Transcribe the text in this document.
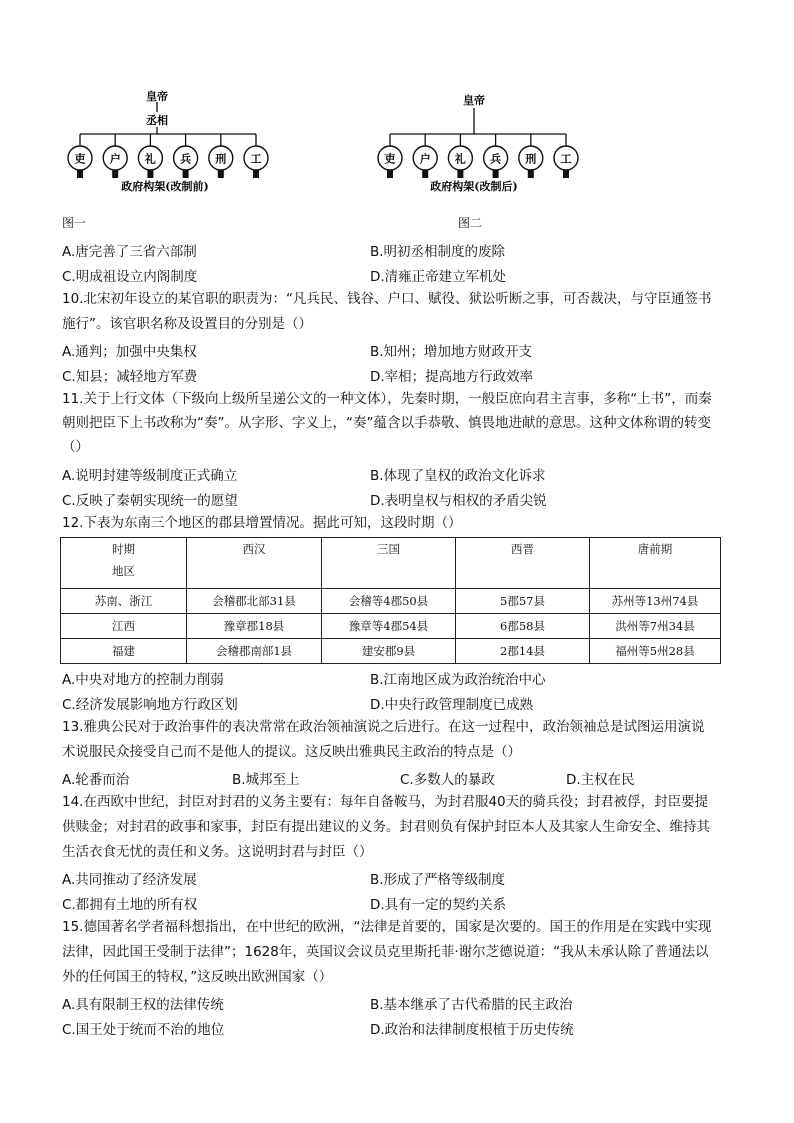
皇帝
丞相
吏 户 礼 兵 刑 工
政府构架(改制前)
图一
皇帝
吏 户 礼 兵 刑 工
政府构架(改制后)
图二
A.唐完善了三省六部制	B.明初丞相制度的废除
C.明成祖设立内阁制度	D.清雍正帝建立军机处
10.北宋初年设立的某官职的职责为：“凡兵民、钱谷、户口、赋役、狱讼听断之事，可否裁决，与守臣通签书
施行”。该官职名称及设置目的分别是（）
A.通判；加强中央集权	B.知州；增加地方财政开支
C.知县；减轻地方军费	D.宰相；提高地方行政效率
11.关于上行文体（下级向上级所呈递公文的一种文体），先秦时期，一般臣庶向君主言事，多称“上书”，而秦
朝则把臣下上书改称为“奏”。从字形、字义上，“奏”蕴含以手恭敬、慎畏地进献的意思。这种文体称谓的转变
（）
A.说明封建等级制度正式确立	B.体现了皇权的政治文化诉求
C.反映了秦朝实现统一的愿望	D.表明皇权与相权的矛盾尖锐
12.下表为东南三个地区的郡县增置情况。据此可知，这段时期（）
时期
地区	西汉	三国	西晋	唐前期

苏南、浙江	会稽郡北部31县	会稽等4郡50县	5郡57县	苏州等13州74县
江西	豫章郡18县	豫章等4郡54县	6郡58县	洪州等7州34县
福建	会稽郡南部1县	建安郡9县	2郡14县	福州等5州28县
A.中央对地方的控制力削弱	B.江南地区成为政治统治中心
C.经济发展影响地方行政区划	D.中央行政管理制度已成熟
13.雅典公民对于政治事件的表决常常在政治领袖演说之后进行。在这一过程中，政治领袖总是试图运用演说
术说服民众接受自己而不是他人的提议。这反映出雅典民主政治的特点是（）
A.轮番而治	B.城邦至上	C.多数人的暴政	D.主权在民
14.在西欧中世纪，封臣对封君的义务主要有：每年自备鞍马，为封君服40天的骑兵役；封君被俘，封臣要提
供赎金；对封君的政事和家事，封臣有提出建议的义务。封君则负有保护封臣本人及其家人生命安全、维持其
生活衣食无忧的责任和义务。这说明封君与封臣（）
A.共同推动了经济发展	B.形成了严格等级制度
C.都拥有土地的所有权	D.具有一定的契约关系
15.德国著名学者福科想指出，在中世纪的欧洲，“法律是首要的，国家是次要的。国王的作用是在实践中实现
法律，因此国王受制于法律”；1628年，英国议会议员克里斯托菲·谢尔芝德说道：“我从未承认除了普通法以
外的任何国王的特权，”这反映出欧洲国家（）
A.具有限制王权的法律传统	B.基本继承了古代希腊的民主政治
C.国王处于统而不治的地位	D.政治和法律制度根植于历史传统
